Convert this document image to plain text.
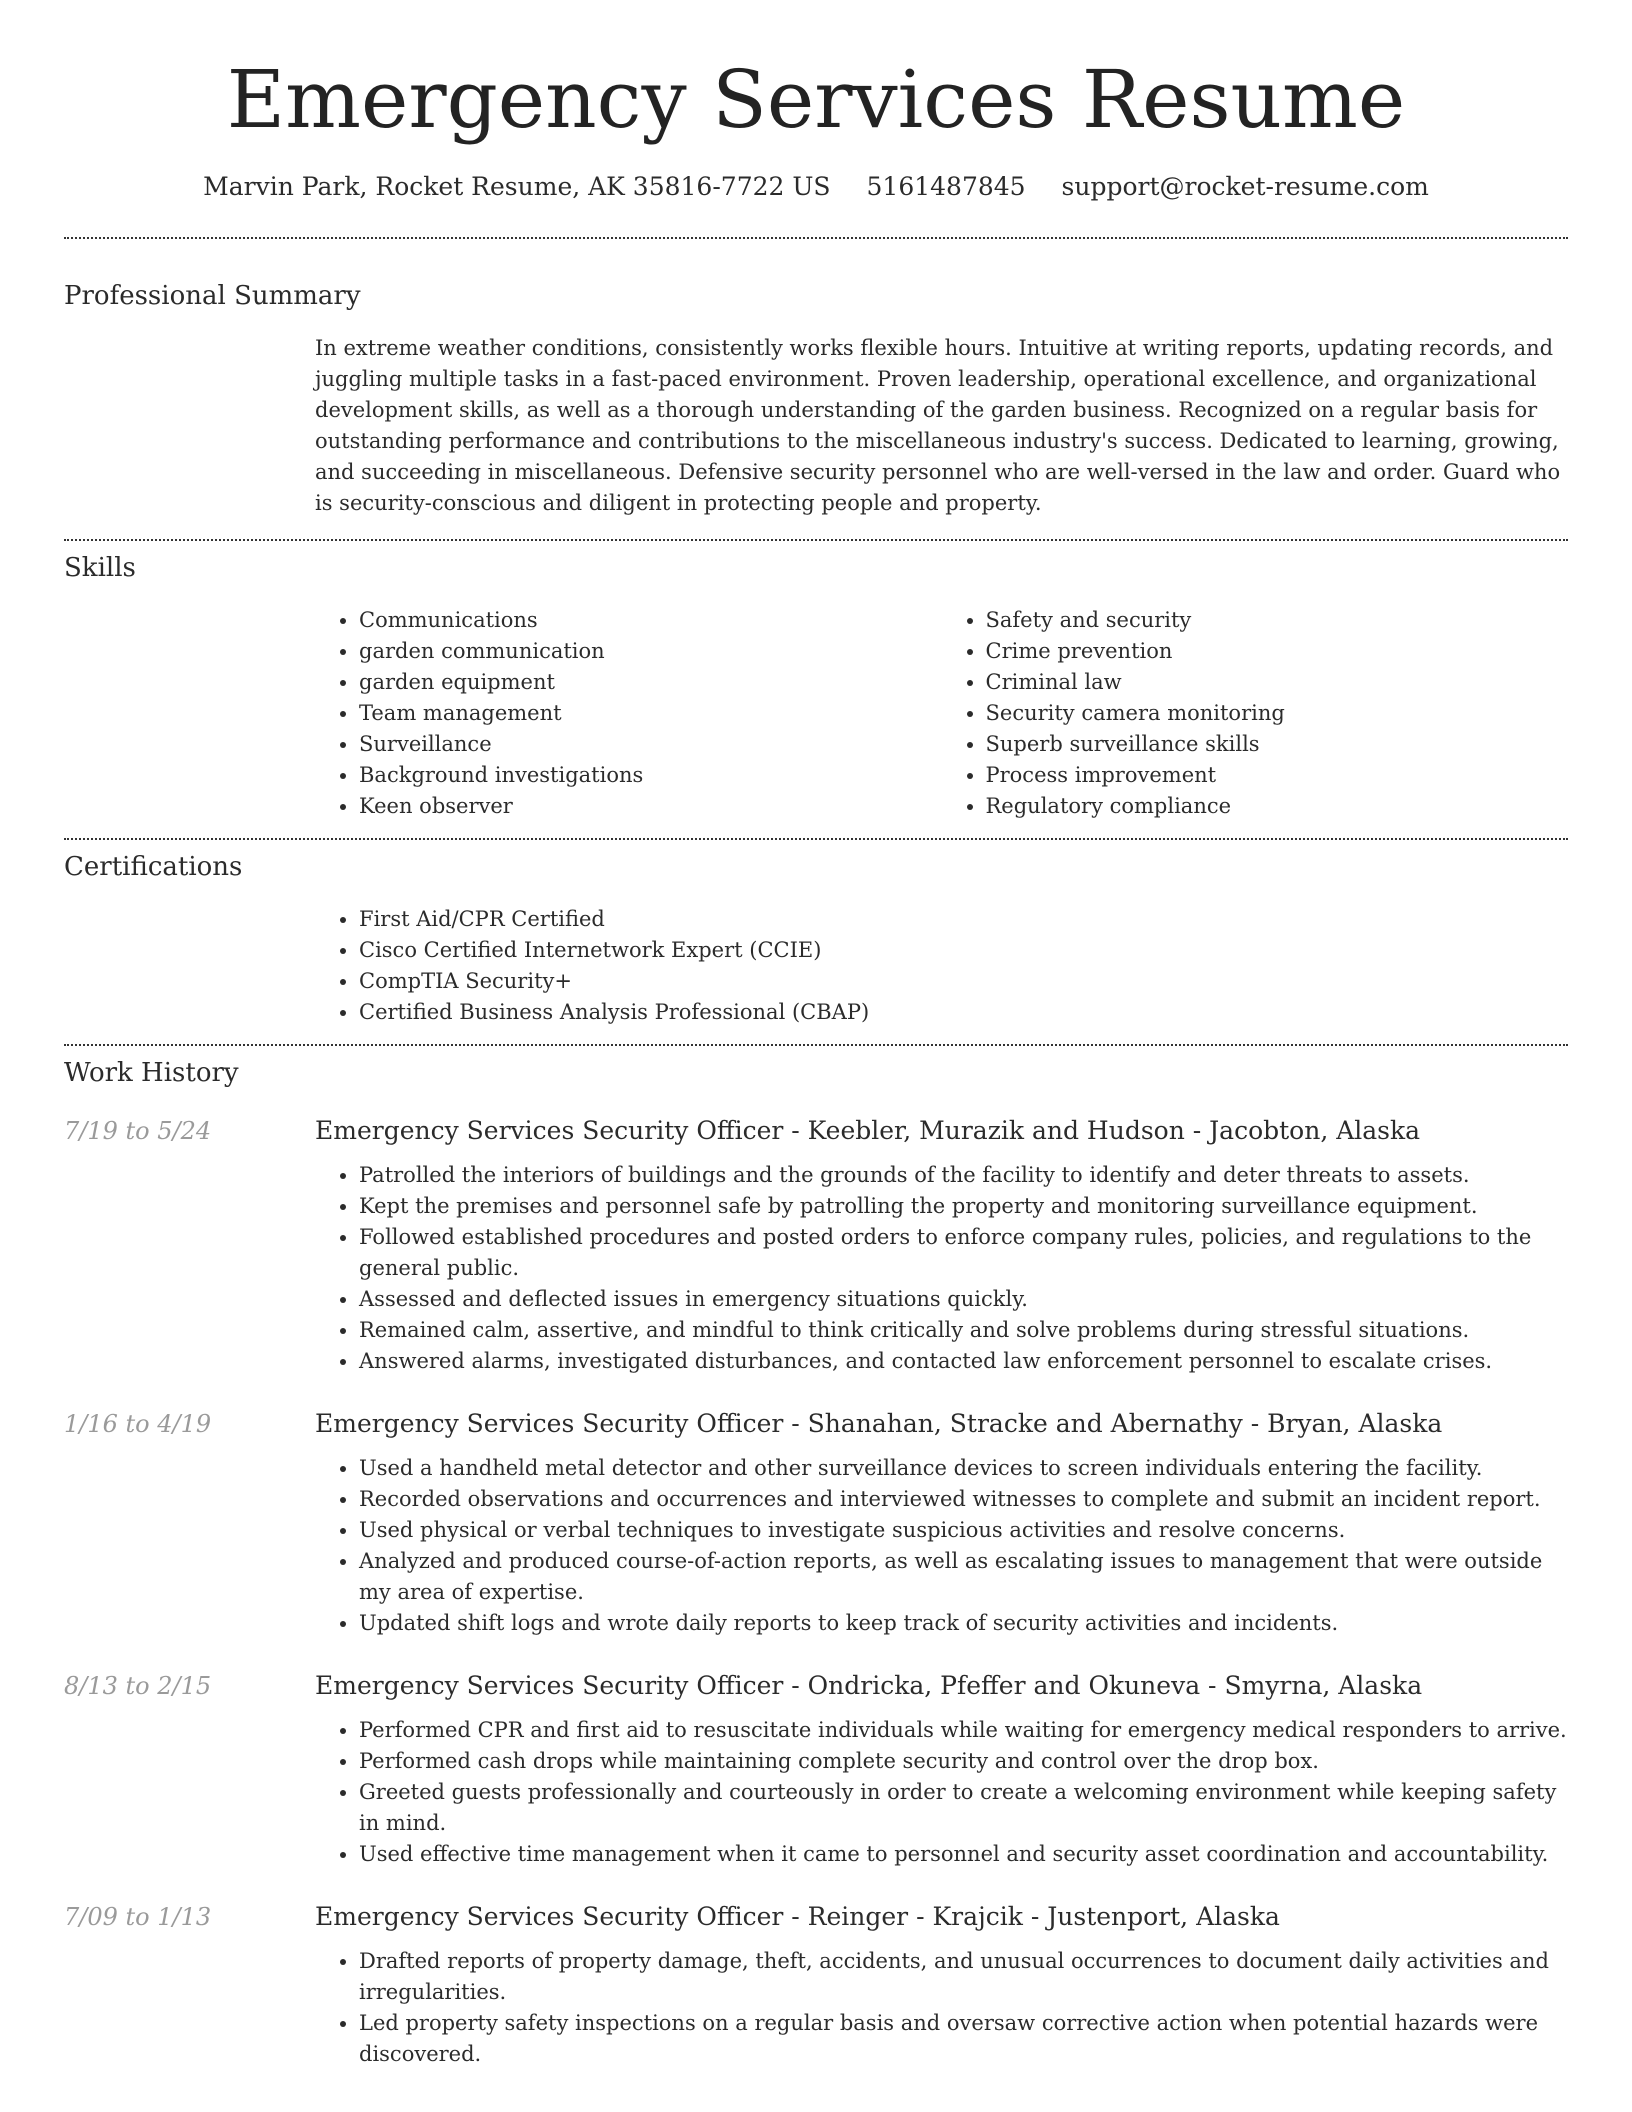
Emergency Services Resume
Marvin Park, Rocket Resume, AK 35816-7722 US 5161487845 support@rocket-resume.com
Professional Summary
In extreme weather conditions, consistently works flexible hours. Intuitive at writing reports, updating records, and juggling multiple tasks in a fast-paced environment. Proven leadership, operational excellence, and organizational development skills, as well as a thorough understanding of the garden business. Recognized on a regular basis for outstanding performance and contributions to the miscellaneous industry's success. Dedicated to learning, growing, and succeeding in miscellaneous. Defensive security personnel who are well-versed in the law and order. Guard who is security-conscious and diligent in protecting people and property.
Skills
• Communications
• garden communication
• garden equipment
• Team management
• Surveillance
• Background investigations
• Keen observer
• Safety and security
• Crime prevention
• Criminal law
• Security camera monitoring
• Superb surveillance skills
• Process improvement
• Regulatory compliance
Certifications
• First Aid/CPR Certified
• Cisco Certified Internetwork Expert (CCIE)
• CompTIA Security+
• Certified Business Analysis Professional (CBAP)
Work History
7/19 to 5/24	Emergency Services Security Officer - Keebler, Murazik and Hudson - Jacobton, Alaska
• Patrolled the interiors of buildings and the grounds of the facility to identify and deter threats to assets.
• Kept the premises and personnel safe by patrolling the property and monitoring surveillance equipment.
• Followed established procedures and posted orders to enforce company rules, policies, and regulations to the general public.
• Assessed and deflected issues in emergency situations quickly.
• Remained calm, assertive, and mindful to think critically and solve problems during stressful situations.
• Answered alarms, investigated disturbances, and contacted law enforcement personnel to escalate crises.
1/16 to 4/19	Emergency Services Security Officer - Shanahan, Stracke and Abernathy - Bryan, Alaska
• Used a handheld metal detector and other surveillance devices to screen individuals entering the facility.
• Recorded observations and occurrences and interviewed witnesses to complete and submit an incident report.
• Used physical or verbal techniques to investigate suspicious activities and resolve concerns.
• Analyzed and produced course-of-action reports, as well as escalating issues to management that were outside my area of expertise.
• Updated shift logs and wrote daily reports to keep track of security activities and incidents.
8/13 to 2/15	Emergency Services Security Officer - Ondricka, Pfeffer and Okuneva - Smyrna, Alaska
• Performed CPR and first aid to resuscitate individuals while waiting for emergency medical responders to arrive.
• Performed cash drops while maintaining complete security and control over the drop box.
• Greeted guests professionally and courteously in order to create a welcoming environment while keeping safety in mind.
• Used effective time management when it came to personnel and security asset coordination and accountability.
7/09 to 1/13	Emergency Services Security Officer - Reinger - Krajcik - Justenport, Alaska
• Drafted reports of property damage, theft, accidents, and unusual occurrences to document daily activities and irregularities.
• Led property safety inspections on a regular basis and oversaw corrective action when potential hazards were discovered.
